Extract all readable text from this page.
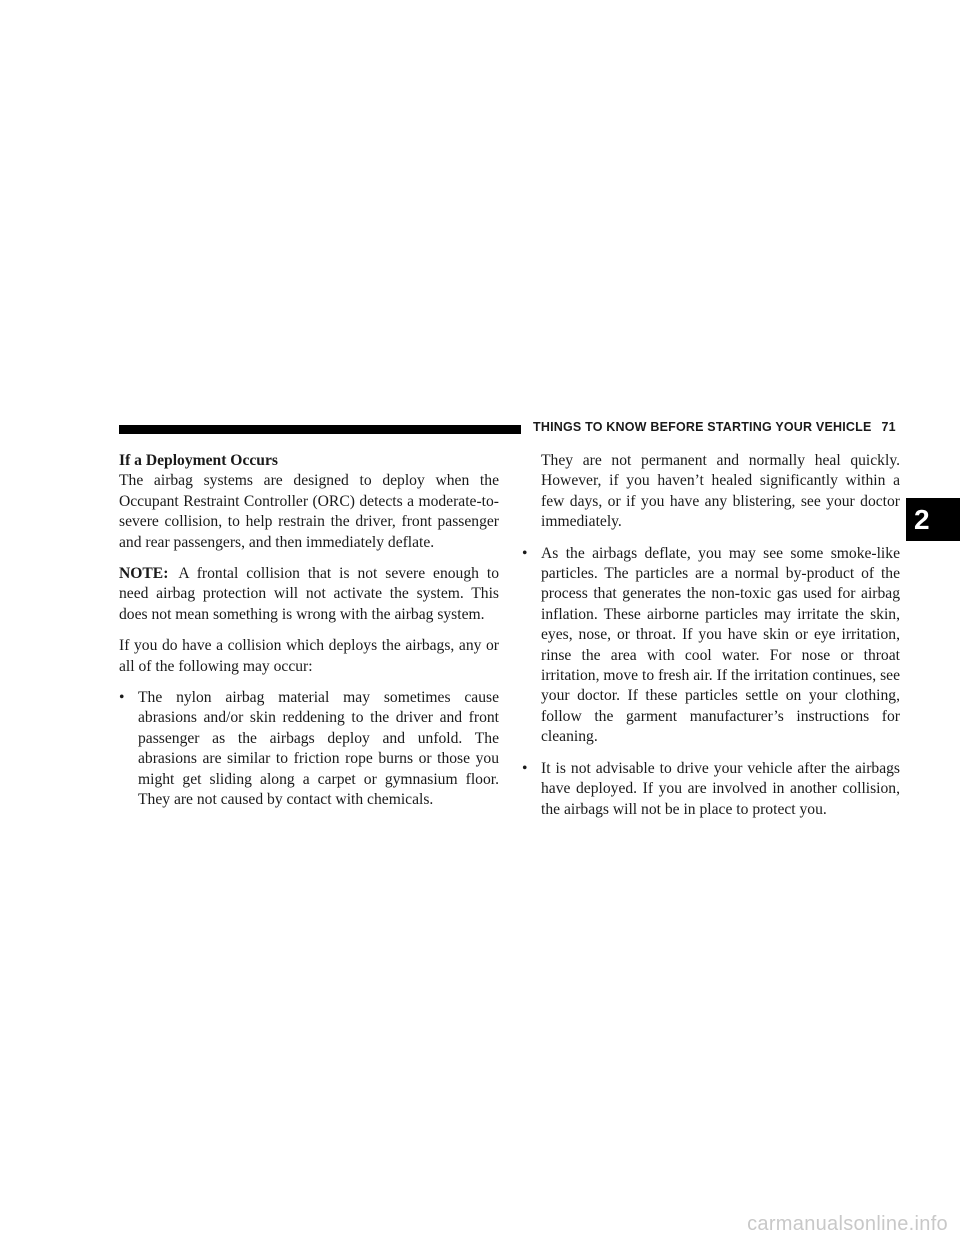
THINGS TO KNOW BEFORE STARTING YOUR VEHICLE 71
2
If a Deployment Occurs

The airbag systems are designed to deploy when the Occupant Restraint Controller (ORC) detects a moderate-to-severe collision, to help restrain the driver, front passenger and rear passengers, and then immediately deflate.

NOTE: A frontal collision that is not severe enough to need airbag protection will not activate the system. This does not mean something is wrong with the airbag system.

If you do have a collision which deploys the airbags, any or all of the following may occur:

• The nylon airbag material may sometimes cause abrasions and/or skin reddening to the driver and front passenger as the airbags deploy and unfold. The abrasions are similar to friction rope burns or those you might get sliding along a carpet or gymnasium floor. They are not caused by contact with chemicals.
They are not permanent and normally heal quickly. However, if you haven’t healed significantly within a few days, or if you have any blistering, see your doctor immediately.
• As the airbags deflate, you may see some smoke-like particles. The particles are a normal by-product of the process that generates the non-toxic gas used for airbag inflation. These airborne particles may irritate the skin, eyes, nose, or throat. If you have skin or eye irritation, rinse the area with cool water. For nose or throat irritation, move to fresh air. If the irritation continues, see your doctor. If these particles settle on your clothing, follow the garment manufacturer’s instructions for cleaning.
• It is not advisable to drive your vehicle after the airbags have deployed. If you are involved in another collision, the airbags will not be in place to protect you.
carmanualsonline.info
